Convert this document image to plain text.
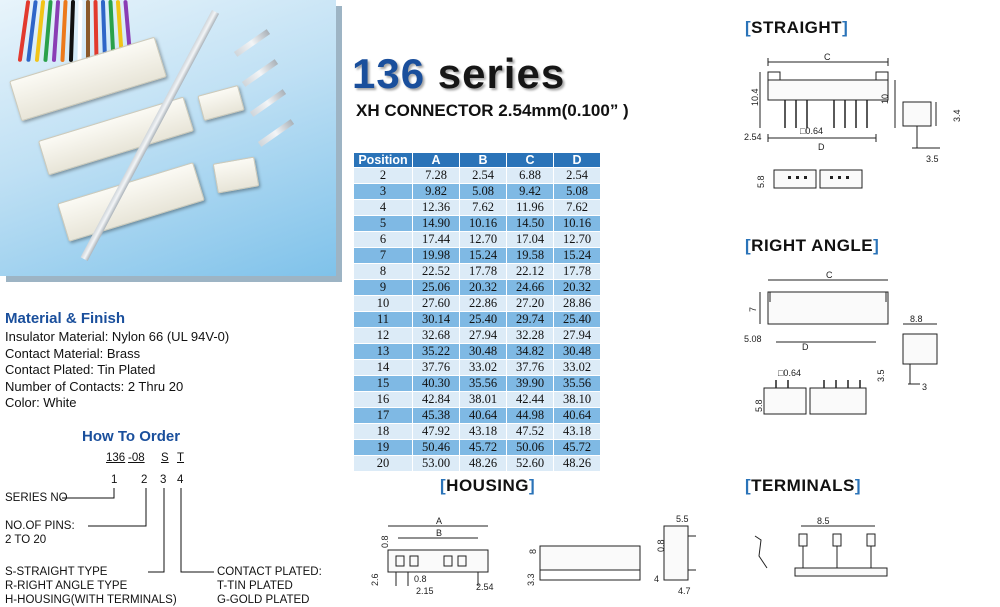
136 series
XH CONNECTOR 2.54mm(0.100” )
Position	A	B	C	D
2	7.28	2.54	6.88	2.54
3	9.82	5.08	9.42	5.08
4	12.36	7.62	11.96	7.62
5	14.90	10.16	14.50	10.16
6	17.44	12.70	17.04	12.70
7	19.98	15.24	19.58	15.24
8	22.52	17.78	22.12	17.78
9	25.06	20.32	24.66	20.32
10	27.60	22.86	27.20	28.86
11	30.14	25.40	29.74	25.40
12	32.68	27.94	32.28	27.94
13	35.22	30.48	34.82	30.48
14	37.76	33.02	37.76	33.02
15	40.30	35.56	39.90	35.56
16	42.84	38.01	42.44	38.10
17	45.38	40.64	44.98	40.64
18	47.92	43.18	47.52	43.18
19	50.46	45.72	50.06	45.72
20	53.00	48.26	52.60	48.26
Material & Finish
Insulator Material: Nylon 66 (UL 94V-0)
Contact Material: Brass
Contact Plated: Tin Plated
Number of Contacts: 2 Thru 20
Color: White
How To Order
136 -08 S T
1 2 3 4
SERIES NO
NO.OF PINS:
2 TO 20
S-STRAIGHT TYPE
R-RIGHT ANGLE TYPE
H-HOUSING(WITH TERMINALS)
CONTACT PLATED:
T-TIN PLATED
G-GOLD PLATED
[STRAIGHT]
[RIGHT ANGLE]
[HOUSING]	[TERMINALS]
C
10.4	10
2.54
□0.64
D
3.4
3.5
5.8
C
7
5.08
D
8.8
□0.64	3.5
3
5.8
A
B
0.8
2.6	0.8
2.15	2.54
8
3.3
5.5
0.8
4
4.7
8.5
